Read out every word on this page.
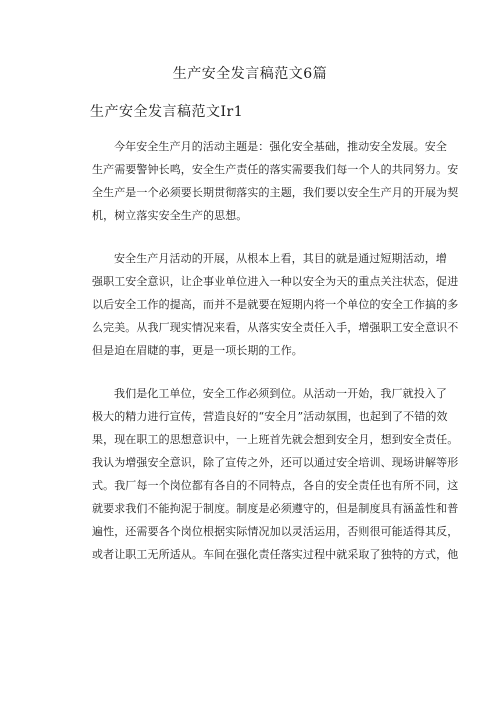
生产安全发言稿范文6篇
生产安全发言稿范文Ir1
今年安全生产月的活动主题是：强化安全基础，推动安全发展。安全
生产需要警钟长鸣，安全生产责任的落实需要我们每一个人的共同努力。安
全生产是一个必须要长期贯彻落实的主题，我们要以安全生产月的开展为契
机，树立落实安全生产的思想。
安全生产月活动的开展，从根本上看，其目的就是通过短期活动，增
强职工安全意识，让企事业单位进入一种以安全为天的重点关注状态，促进
以后安全工作的提高，而并不是就要在短期内将一个单位的安全工作搞的多
么完美。从我厂现实情况来看，从落实安全责任入手，增强职工安全意识不
但是迫在眉睫的事，更是一项长期的工作。
我们是化工单位，安全工作必须到位。从活动一开始，我厂就投入了
极大的精力进行宣传，营造良好的“安全月”活动氛围，也起到了不错的效
果，现在职工的思想意识中，一上班首先就会想到安全月，想到安全责任。
我认为增强安全意识，除了宣传之外，还可以通过安全培训、现场讲解等形
式。我厂每一个岗位都有各自的不同特点，各自的安全责任也有所不同，这
就要求我们不能拘泥于制度。制度是必须遵守的，但是制度具有涵盖性和普
遍性，还需要各个岗位根据实际情况加以灵活运用，否则很可能适得其反，
或者让职工无所适从。车间在强化责任落实过程中就采取了独特的方式，他
